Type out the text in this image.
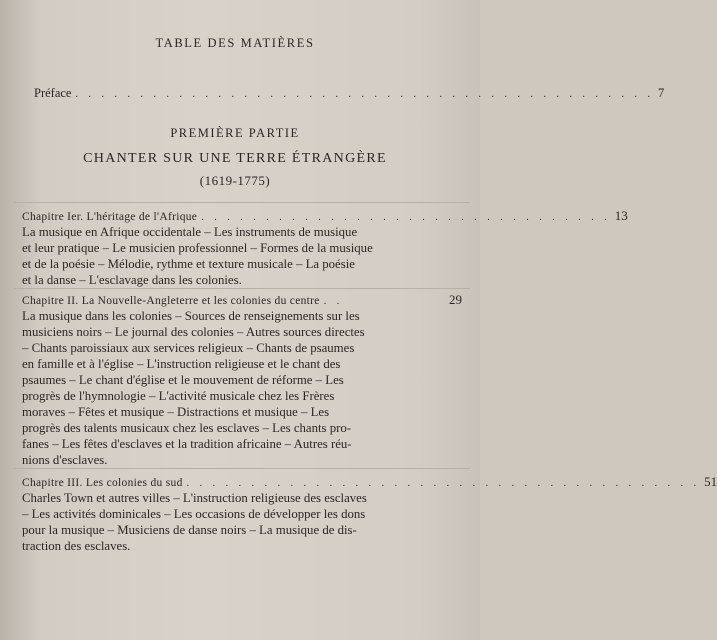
TABLE DES MATIÈRES
Préface . . . . . . . . . . . . . . . . . . . . . . . . . . . . . . . . . . . . . . . . . . . . . 7
PREMIÈRE PARTIE
CHANTER SUR UNE TERRE ÉTRANGÈRE
(1619-1775)
Chapitre Ier. L'héritage de l'Afrique . . . . . . . . . . . . . . . . . . . . . . . . . . . . . . . . 13
La musique en Afrique occidentale – Les instruments de musique
et leur pratique – Le musicien professionnel – Formes de la musique
et de la poésie – Mélodie, rythme et texture musicale – La poésie
et la danse – L'esclavage dans les colonies.
Chapitre II. La Nouvelle-Angleterre et les colonies du centre . .	29
La musique dans les colonies – Sources de renseignements sur les
musiciens noirs – Le journal des colonies – Autres sources directes
– Chants paroissiaux aux services religieux – Chants de psaumes
en famille et à l'église – L'instruction religieuse et le chant des
psaumes – Le chant d'église et le mouvement de réforme – Les
progrès de l'hymnologie – L'activité musicale chez les Frères
moraves – Fêtes et musique – Distractions et musique – Les
progrès des talents musicaux chez les esclaves – Les chants pro-
fanes – Les fêtes d'esclaves et la tradition africaine – Autres réu-
nions d'esclaves.
Chapitre III. Les colonies du sud . . . . . . . . . . . . . . . . . . . . . . . . . . . . . . . . . . . . . . . . 51
Charles Town et autres villes – L'instruction religieuse des esclaves
– Les activités dominicales – Les occasions de développer les dons
pour la musique – Musiciens de danse noirs – La musique de dis-
traction des esclaves.
